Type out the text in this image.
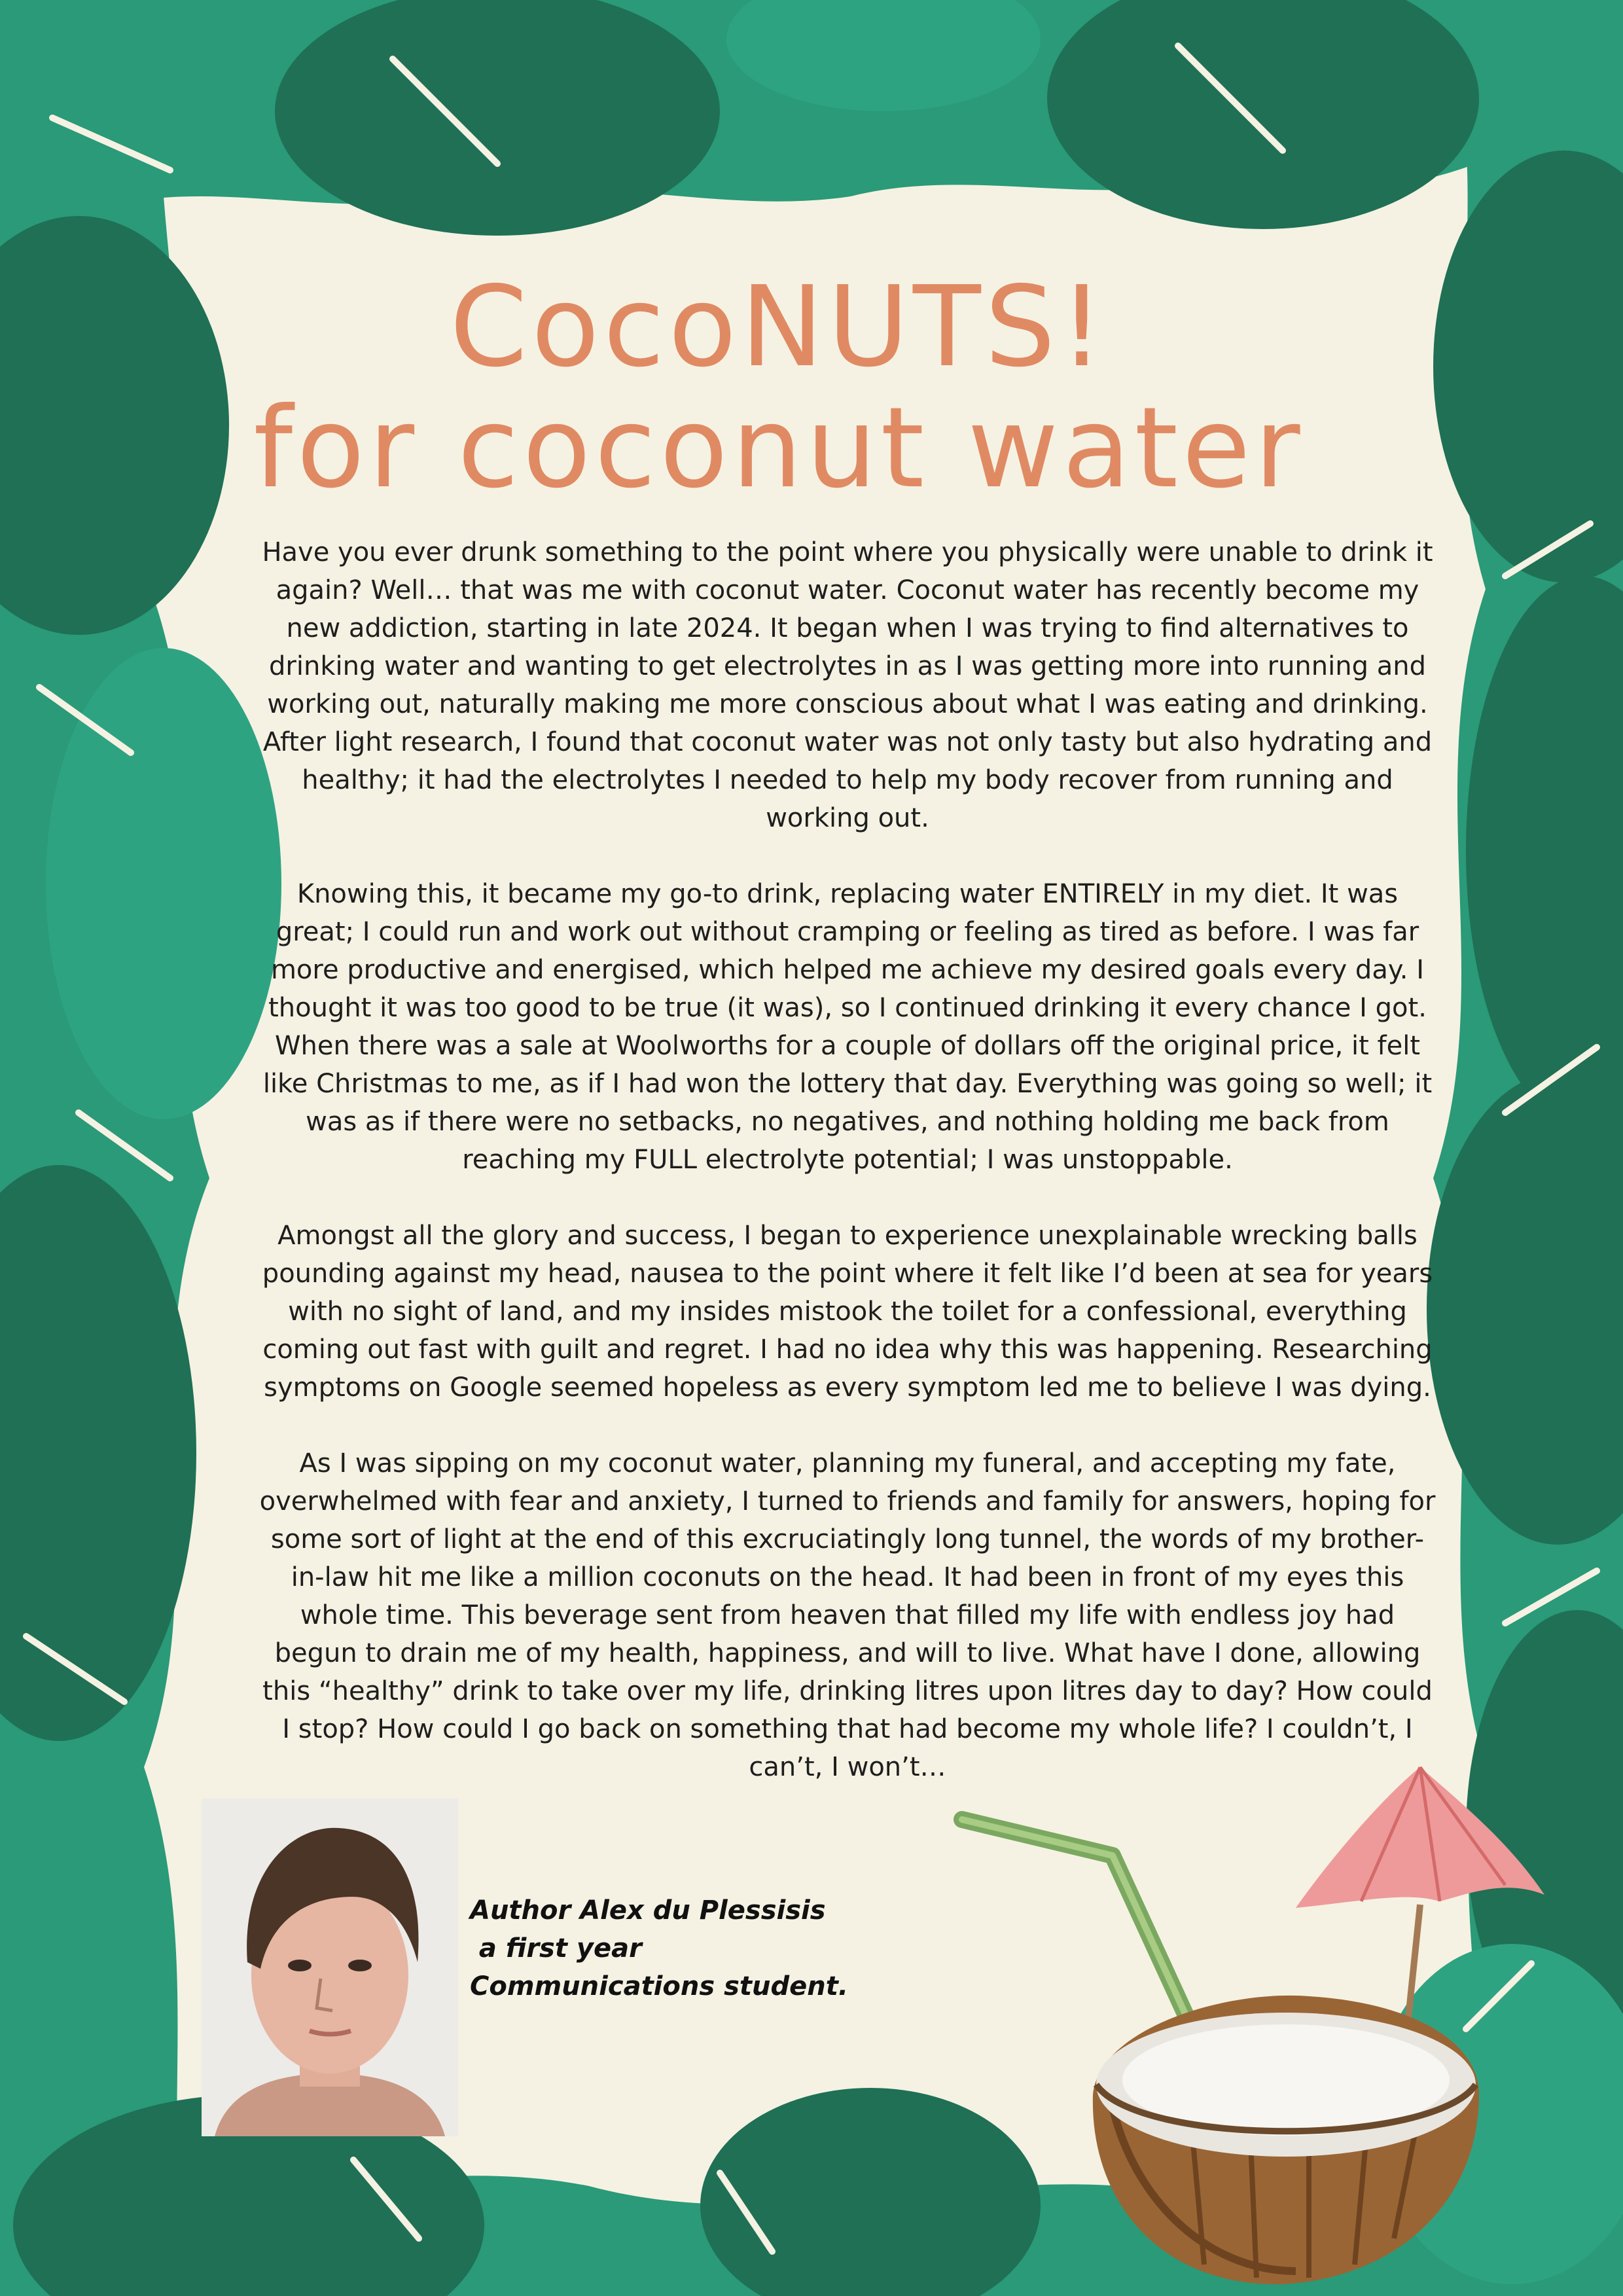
CocoNUTS!
for coconut water

Have you ever drunk something to the point where you physically were unable to drink it again? Well… that was me with coconut water. Coconut water has recently become my new addiction, starting in late 2024. It began when I was trying to find alternatives to drinking water and wanting to get electrolytes in as I was getting more into running and working out, naturally making me more conscious about what I was eating and drinking. After light research, I found that coconut water was not only tasty but also hydrating and healthy; it had the electrolytes I needed to help my body recover from running and working out.

Knowing this, it became my go-to drink, replacing water ENTIRELY in my diet. It was great; I could run and work out without cramping or feeling as tired as before. I was far more productive and energised, which helped me achieve my desired goals every day. I thought it was too good to be true (it was), so I continued drinking it every chance I got. When there was a sale at Woolworths for a couple of dollars off the original price, it felt like Christmas to me, as if I had won the lottery that day. Everything was going so well; it was as if there were no setbacks, no negatives, and nothing holding me back from reaching my FULL electrolyte potential; I was unstoppable.

Amongst all the glory and success, I began to experience unexplainable wrecking balls pounding against my head, nausea to the point where it felt like I’d been at sea for years with no sight of land, and my insides mistook the toilet for a confessional, everything coming out fast with guilt and regret. I had no idea why this was happening. Researching symptoms on Google seemed hopeless as every symptom led me to believe I was dying.

As I was sipping on my coconut water, planning my funeral, and accepting my fate, overwhelmed with fear and anxiety, I turned to friends and family for answers, hoping for some sort of light at the end of this excruciatingly long tunnel, the words of my brother-in-law hit me like a million coconuts on the head. It had been in front of my eyes this whole time. This beverage sent from heaven that filled my life with endless joy had begun to drain me of my health, happiness, and will to live. What have I done, allowing this “healthy” drink to take over my life, drinking litres upon litres day to day? How could I stop? How could I go back on something that had become my whole life? I couldn’t, I can’t, I won’t…

Author Alex du Plessisis
a first year
Communications student.
